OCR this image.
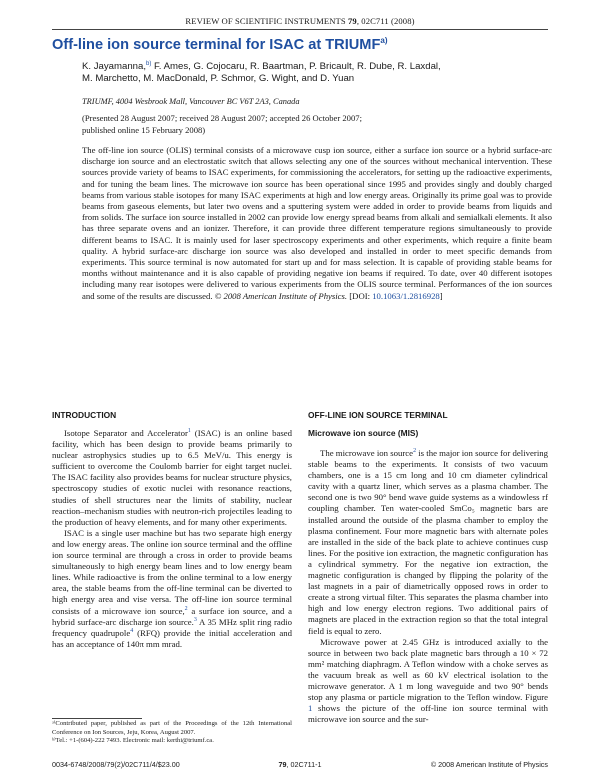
REVIEW OF SCIENTIFIC INSTRUMENTS 79, 02C711 (2008)
Off-line ion source terminal for ISAC at TRIUMF$^{a)}$
K. Jayamanna,$^{b)}$ F. Ames, G. Cojocaru, R. Baartman, P. Bricault, R. Dube, R. Laxdal,
M. Marchetto, M. MacDonald, P. Schmor, G. Wight, and D. Yuan
TRIUMF, 4004 Wesbrook Mall, Vancouver BC V6T 2A3, Canada
(Presented 28 August 2007; received 28 August 2007; accepted 26 October 2007;
published online 15 February 2008)
The off-line ion source (OLIS) terminal consists of a microwave cusp ion source, either a surface ion source or a hybrid surface-arc discharge ion source and an electrostatic switch that allows selecting any one of the sources without mechanical intervention. These sources provide variety of beams to ISAC experiments, for commissioning the accelerators, for setting up the radioactive experiments, and for tuning the beam lines. The microwave ion source has been operational since 1995 and provides singly and doubly charged beams from various stable isotopes for many ISAC experiments at high and low energy areas. Originally its prime goal was to provide beams from gaseous elements, but later two ovens and a sputtering system were added in order to provide beams from liquids and from solids. The surface ion source installed in 2002 can provide low energy spread beams from alkali and semialkali elements. It also has three separate ovens and an ionizer. Therefore, it can provide three different temperature regions simultaneously to provide different beams to ISAC. It is mainly used for laser spectroscopy experiments and other experiments, which require a finite beam quality. A hybrid surface-arc discharge ion source was also developed and installed in order to meet specific demands from experiments. This source terminal is now automated for start up and for mass selection. It is capable of providing stable beams for months without maintenance and it is also capable of providing negative ion beams if required. To date, over 40 different isotopes including many rear isotopes were delivered to various experiments from the OLIS source terminal. Performances of the ion sources and some of the results are discussed. © 2008 American Institute of Physics. [DOI: 10.1063/1.2816928]
INTRODUCTION

Isotope Separator and Accelerator$^1$ (ISAC) is an online based facility, which has been design to provide beams primarily to nuclear astrophysics studies up to 6.5 MeV/u. This energy is sufficient to overcome the Coulomb barrier for eight target nuclei. The ISAC facility also provides beams for nuclear structure physics, spectroscopy studies of exotic nuclei with resonance reactions, studies of shell structures near the limits of stability, nuclear reaction–mechanism studies with neutron-rich projectiles leading to the production of heavy elements, and for many other experiments.

ISAC is a single user machine but has two separate high energy and low energy areas. The online ion source terminal and the offline ion source terminal are through a cross in order to provide beams simultaneously to high energy beam lines and to low energy beam lines. While radioactive is from the online terminal to a low energy area, the stable beams from the off-line terminal can be diverted to high energy area and vise versa. The off-line ion source terminal consists of a microwave ion source,$^2$ a surface ion source, and a hybrid surface-arc discharge ion source.$^3$ A 35 MHz split ring radio frequency quadrupole$^4$ (RFQ) provide the initial acceleration and has an acceptance of 140π mm mrad.

OFF-LINE ION SOURCE TERMINAL
Microwave ion source (MIS)

The microwave ion source$^2$ is the major ion source for delivering stable beams to the experiments. It consists of two vacuum chambers, one is a 15 cm long and 10 cm diameter cylindrical cavity with a quartz liner, which serves as a plasma chamber. The second one is two 90° bend wave guide systems as a windowless rf coupling chamber. Ten water-cooled SmCo₅ magnetic bars are installed around the outside of the plasma chamber to employ the plasma confinement. Four more magnetic bars with alternate poles are installed in the side of the back plate to achieve continues cusp lines. For the positive ion extraction, the magnetic configuration has a cylindrical symmetry. For the negative ion extraction, the magnetic configuration is changed by flipping the polarity of the last magnets in a pair of diametrically opposed rows in order to create a strong virtual filter. This separates the plasma chamber into high and low energy electron regions. Two additional pairs of magnets are placed in the extraction region so that the total integral field is equal to zero.

Microwave power at 2.45 GHz is introduced axially to the source in between two back plate magnetic bars through a 10 × 72 mm² matching diaphragm. A Teflon window with a choke serves as the vacuum break as well as 60 kV electrical isolation to the microwave generator. A 1 m long waveguide and two 90° bends stop any plasma or particle migration to the Teflon window. Figure 1 shows the picture of the off-line ion source terminal with microwave ion source and the sur-

ᵃ⁾Contributed paper, published as part of the Proceedings of the 12th International Conference on Ion Sources, Jeju, Korea, August 2007.
ᵇ⁾Tel.: +1-(604)-222 7493. Electronic mail: kerthi@triumf.ca.
0034-6748/2008/79(2)/02C711/4/$23.00	79, 02C711-1	© 2008 American Institute of Physics
